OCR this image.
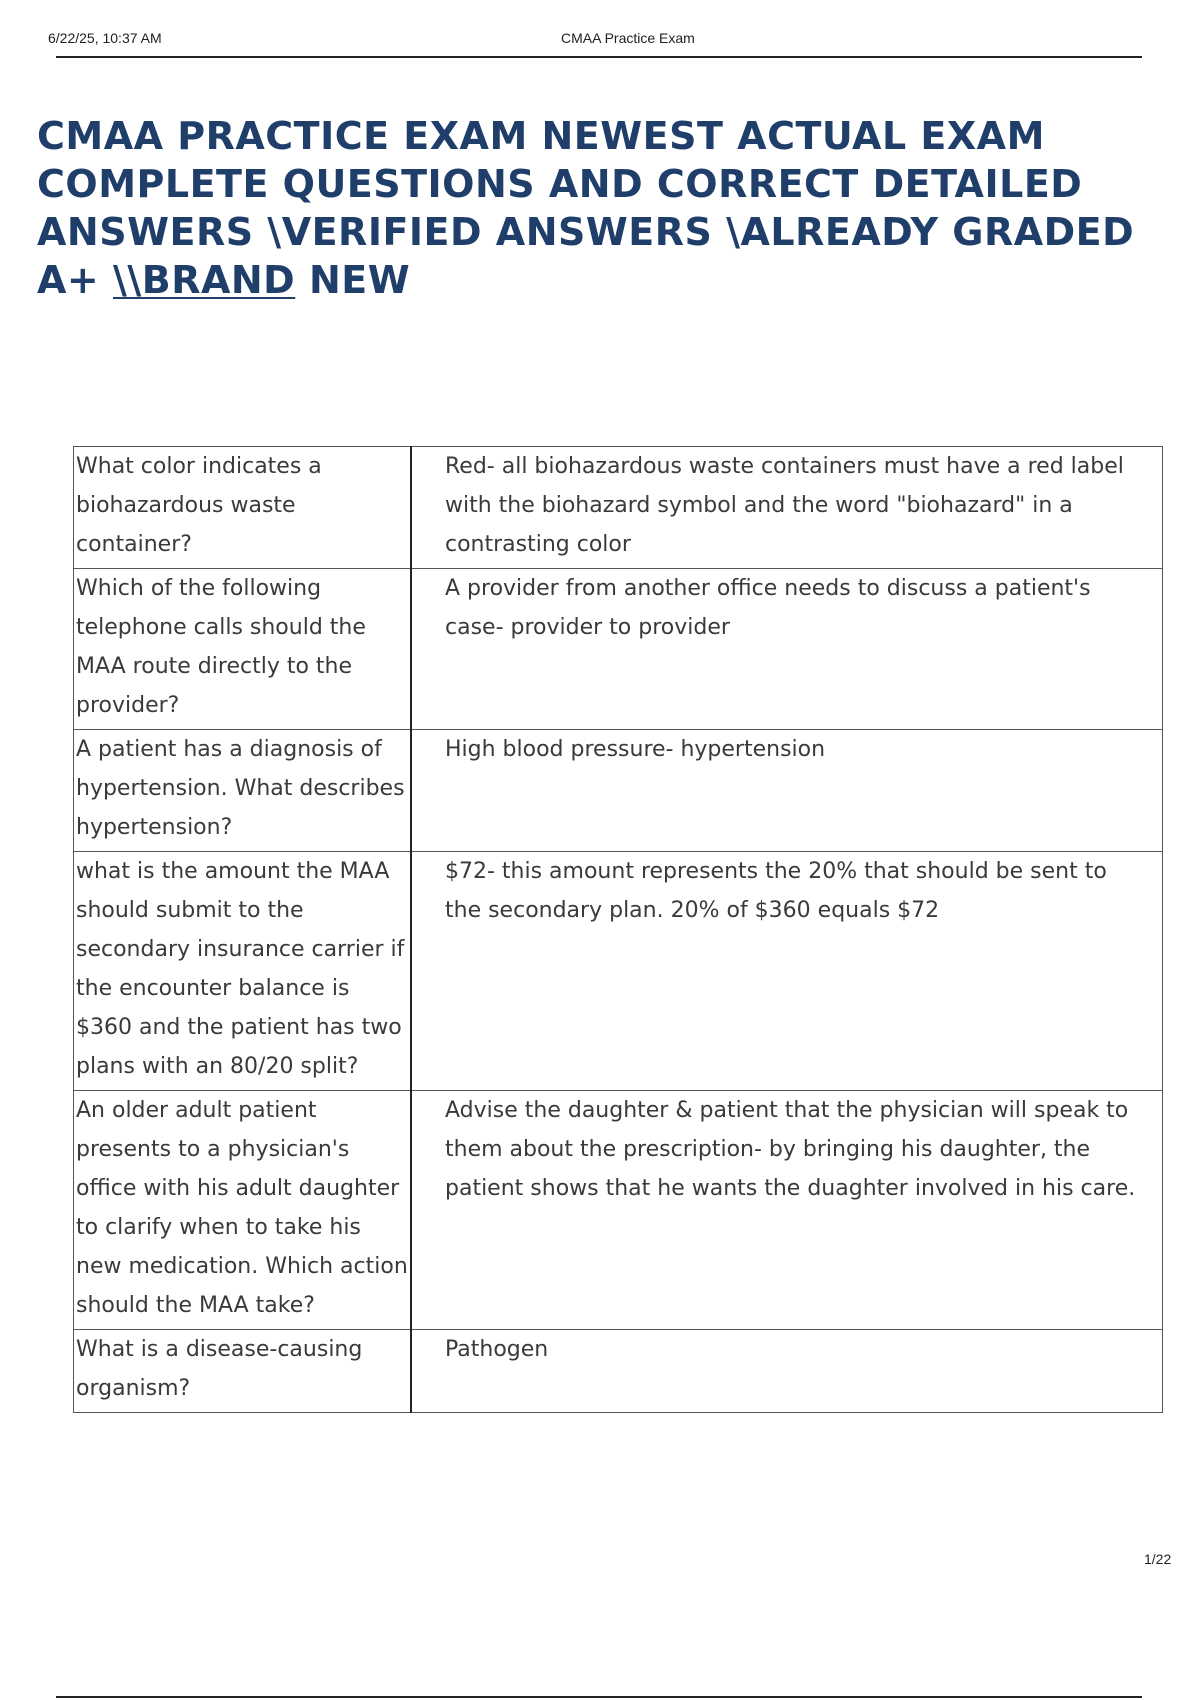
6/22/25, 10:37 AM	CMAA Practice Exam
CMAA PRACTICE EXAM NEWEST ACTUAL EXAM COMPLETE QUESTIONS AND CORRECT DETAILED ANSWERS \VERIFIED ANSWERS \ALREADY GRADED A+ \\BRAND NEW
What color indicates a biohazardous waste container?	Red- all biohazardous waste containers must have a red label with the biohazard symbol and the word "biohazard" in a contrasting color
Which of the following telephone calls should the MAA route directly to the provider?	A provider from another office needs to discuss a patient's case- provider to provider
A patient has a diagnosis of hypertension. What describes hypertension?	High blood pressure- hypertension
what is the amount the MAA should submit to the secondary insurance carrier if the encounter balance is $360 and the patient has two plans with an 80/20 split?	$72- this amount represents the 20% that should be sent to the secondary plan. 20% of $360 equals $72
An older adult patient presents to a physician's office with his adult daughter to clarify when to take his new medication. Which action should the MAA take?	Advise the daughter & patient that the physician will speak to them about the prescription- by bringing his daughter, the patient shows that he wants the duaghter involved in his care.
What is a disease-causing organism?	Pathogen
1/22
